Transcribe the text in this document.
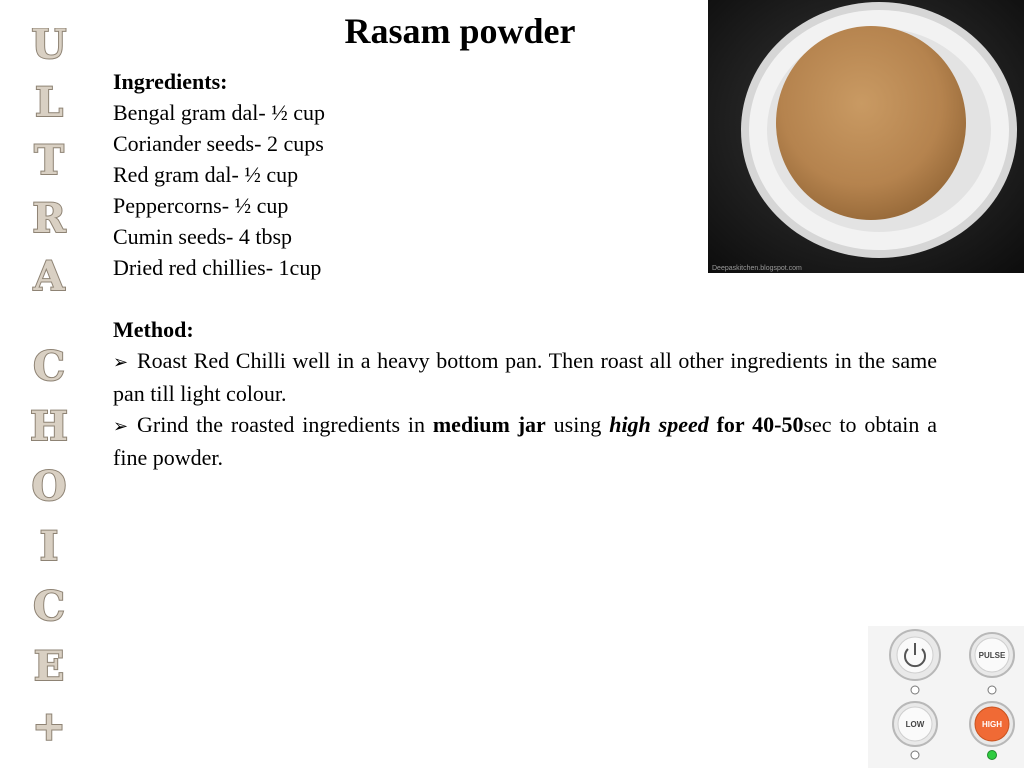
U
L
T
R
A
C
H
O
I
C
E
+
Rasam powder
Ingredients:
Bengal gram dal- ½ cup
Coriander seeds- 2 cups
Red gram dal- ½ cup
Peppercorns- ½ cup
Cumin seeds- 4 tbsp
Dried red chillies- 1cup
Method:
➢ Roast Red Chilli well in a heavy bottom pan. Then roast all other ingredients in the same pan till light colour.
➢ Grind the roasted ingredients in medium jar using high speed for 40-50sec to obtain a fine powder.
Deepaskitchen.blogspot.com
PULSE
LOW	HIGH
